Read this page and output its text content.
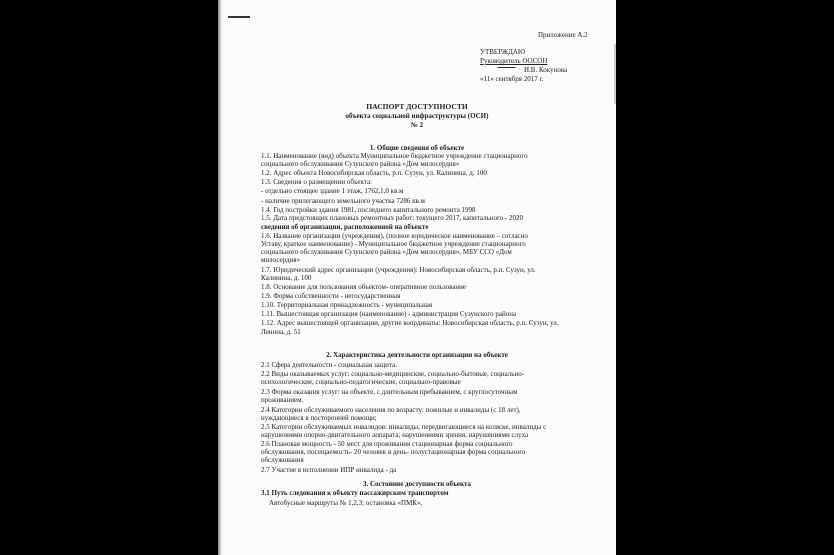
Приложение А.2
УТВЕРЖДАЮ
Руководитель ООСОН
И.В. Кокунова
«11» сентября 2017 г.
ПАСПОРТ ДОСТУПНОСТИ
объекта социальной инфраструктуры (ОСИ)
№ 2
1. Общие сведения об объекте
1.1. Наименование (вид) объекта Муниципальное бюджетное учреждение стационарного
социального обслуживания Сузунского района «Дом милосердия»
1.2. Адрес объекта Новосибирская область, р.п. Сузун, ул. Калинина, д. 100
1.3. Сведения о размещении объекта:
- отдельно стоящее здание 1 этаж, 1762,1,0 кв.м
- наличие прилегающего земельного участка 7286 кв.м
1.4. Год постройки здания 1981, последнего капитального ремонта 1998
1.5. Дата предстоящих плановых ремонтных работ: текущего 2017, капитального - 2020
сведения об организации, расположенной на объекте
1.6. Название организации (учреждения), (полное юридическое наименование – согласно
Уставу, краткое наименование) - Муниципальное бюджетное учреждение стационарного
социального обслуживания Сузунского района «Дом милосердия», МБУ ССО «Дом
милосердия»
1.7. Юридический адрес организации (учреждения): Новосибирская область, р.п. Сузун, ул.
Калинина, д. 100
1.8. Основание для пользования объектом- оперативное пользование
1.9. Форма собственности - негосударственная
1.10. Территориальная принадлежность - муниципальная
1.11. Вышестоящая организация (наименование) - администрация Сузунского района
1.12. Адрес вышестоящей организации, другие координаты: Новосибирская область, р.п. Сузун, ул.
Ленина, д. 51
2. Характеристика деятельности организации на объекте
2.1 Сфера деятельности - социальная защита.
2.2 Виды оказываемых услуг: социально-медицинские, социально-бытовые, социально-
психологические, социально-педагогические, социально-правовые
2.3 Форма оказания услуг: на объекте, с длительным пребыванием, с круглосуточным
проживанием.
2.4 Категории обслуживаемого населения по возрасту: пожилые и инвалиды (с 18 лет),
нуждающиеся в посторонней помощи;
2.5 Категории обслуживаемых инвалидов: инвалиды, передвигающиеся на коляске, инвалиды с
нарушениями опорно-двигательного аппарата; нарушениями зрения, нарушениями слуха
2.6 Плановая мощность - 50 мест для проживания стационарная форма социального
обслуживания, посещаемость- 20 человек в день- полустационарная форма социального
обслуживания
2.7 Участие в исполнении ИПР инвалида - да
3. Состояние доступности объекта
3.1 Путь следования к объекту пассажирским транспортом
Автобусные маршруты № 1,2,3; остановка «ПМК»,
